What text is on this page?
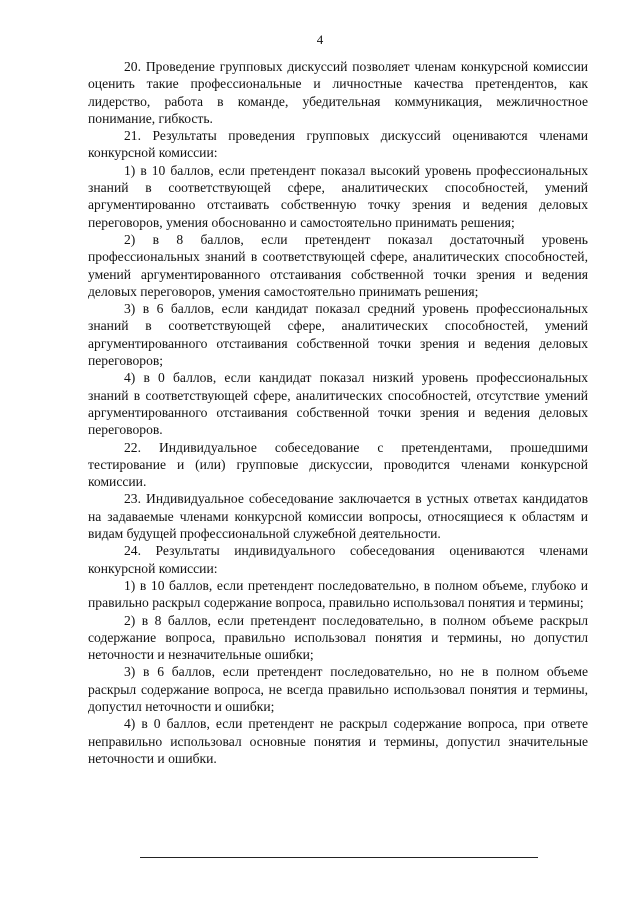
4

20. Проведение групповых дискуссий позволяет членам конкурсной комиссии оценить такие профессиональные и личностные качества претендентов, как лидерство, работа в команде, убедительная коммуникация, межличностное понимание, гибкость.

21. Результаты проведения групповых дискуссий оцениваются членами конкурсной комиссии:

1) в 10 баллов, если претендент показал высокий уровень профессиональных знаний в соответствующей сфере, аналитических способностей, умений аргументированно отстаивать собственную точку зрения и ведения деловых переговоров, умения обоснованно и самостоятельно принимать решения;

2) в 8 баллов, если претендент показал достаточный уровень профессиональных знаний в соответствующей сфере, аналитических способностей, умений аргументированного отстаивания собственной точки зрения и ведения деловых переговоров, умения самостоятельно принимать решения;

3) в 6 баллов, если кандидат показал средний уровень профессиональных знаний в соответствующей сфере, аналитических способностей, умений аргументированного отстаивания собственной точки зрения и ведения деловых переговоров;

4) в 0 баллов, если кандидат показал низкий уровень профессиональных знаний в соответствующей сфере, аналитических способностей, отсутствие умений аргументированного отстаивания собственной точки зрения и ведения деловых переговоров.

22. Индивидуальное собеседование с претендентами, прошедшими тестирование и (или) групповые дискуссии, проводится членами конкурсной комиссии.

23. Индивидуальное собеседование заключается в устных ответах кандидатов на задаваемые членами конкурсной комиссии вопросы, относящиеся к областям и видам будущей профессиональной служебной деятельности.

24. Результаты индивидуального собеседования оцениваются членами конкурсной комиссии:

1) в 10 баллов, если претендент последовательно, в полном объеме, глубоко и правильно раскрыл содержание вопроса, правильно использовал понятия и термины;

2) в 8 баллов, если претендент последовательно, в полном объеме раскрыл содержание вопроса, правильно использовал понятия и термины, но допустил неточности и незначительные ошибки;

3) в 6 баллов, если претендент последовательно, но не в полном объеме раскрыл содержание вопроса, не всегда правильно использовал понятия и термины, допустил неточности и ошибки;

4) в 0 баллов, если претендент не раскрыл содержание вопроса, при ответе неправильно использовал основные понятия и термины, допустил значительные неточности и ошибки.
